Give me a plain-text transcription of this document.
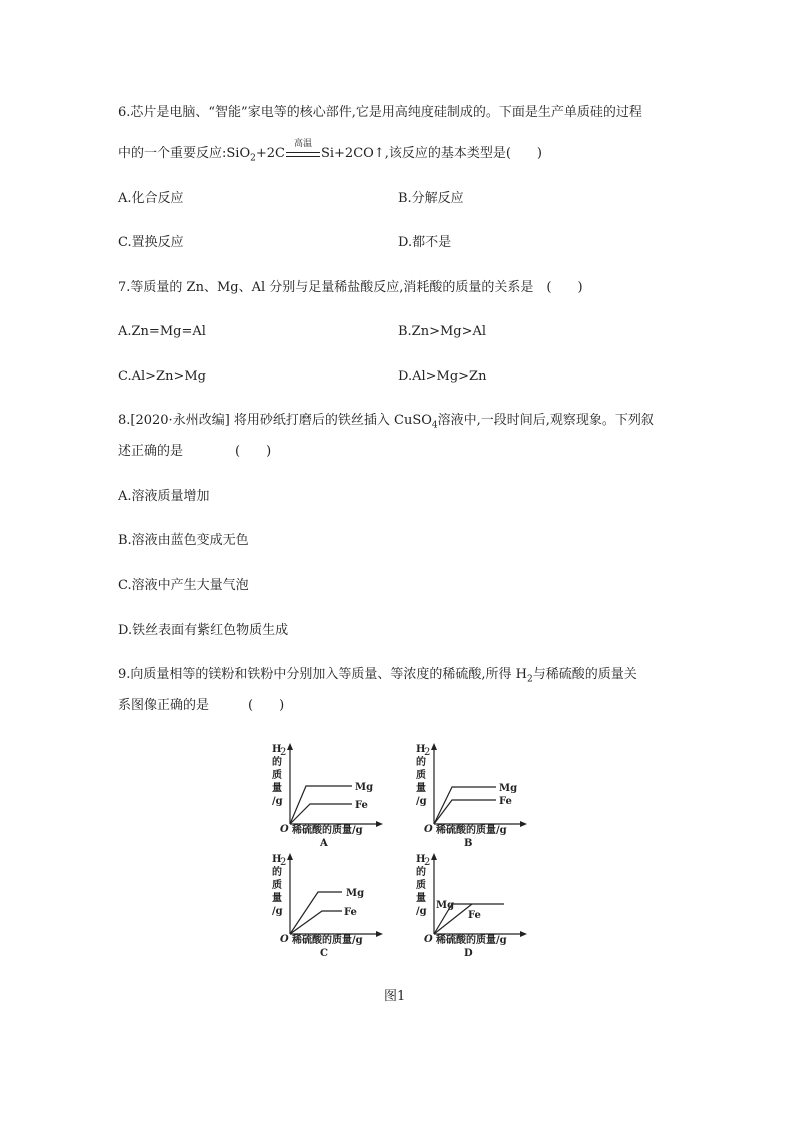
6.芯片是电脑、“智能”家电等的核心部件,它是用高纯度硅制成的。下面是生产单质硅的过程
中的一个重要反应:SiO$_2$+2C
高温
Si+2CO↑,该反应的基本类型是(　　)
A.化合反应	B.分解反应
C.置换反应	D.都不是
7.等质量的 Zn、Mg、Al 分别与足量稀盐酸反应,消耗酸的质量的关系是　(　　)
A.Zn=Mg=Al	B.Zn>Mg>Al
C.Al>Zn>Mg	D.Al>Mg>Zn
8.[2020·永州改编] 将用砂纸打磨后的铁丝插入 CuSO$_4$溶液中,一段时间后,观察现象。下列叙
述正确的是　　　　(　　)
A.溶液质量增加
B.溶液由蓝色变成无色
C.溶液中产生大量气泡
D.铁丝表面有紫红色物质生成
9.向质量相等的镁粉和铁粉中分别加入等质量、等浓度的稀硫酸,所得 $H_2$与稀硫酸的质量关
系图像正确的是　　　(　　)
H
2
的
质
量
/g
O 稀硫酸的质量/g
A
Mg
Fe
H
2
的
质
量
/g
O 稀硫酸的质量/g
B
Mg
Fe
H
2
的
质
量
/g
O 稀硫酸的质量/g
C
Mg
Fe
H
2
的
质
量
/g
O 稀硫酸的质量/g
D
Mg
Fe
图1
